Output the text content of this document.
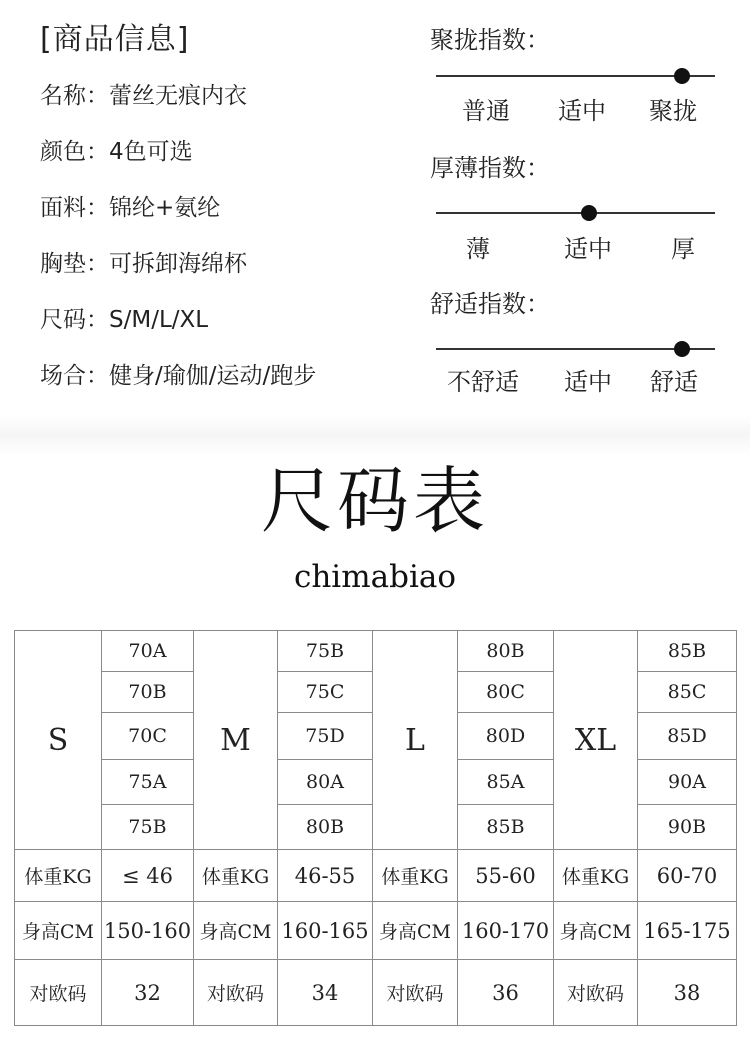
[商品信息]
名称：蕾丝无痕内衣
颜色：4色可选
面料：锦纶+氨纶
胸垫：可拆卸海绵杯
尺码：S/M/L/XL
场合：健身/瑜伽/运动/跑步
聚拢指数：
普通 适中 聚拢
厚薄指数：
薄	适中 厚
舒适指数：
不舒适 适中 舒适
尺码表
chimabiao
S	70A	M	75B	L	80B	XL	85B
	70B		75C		80C		85C
	70C		75D		80D		85D
	75A		80A		85A		90A
	75B		80B		85B		90B
体重KG	≤ 46	体重KG	46-55	体重KG	55-60	体重KG	60-70
身高CM	150-160	身高CM	160-165	身高CM	160-170	身高CM	165-175
对欧码	32	对欧码	34	对欧码	36	对欧码	38
